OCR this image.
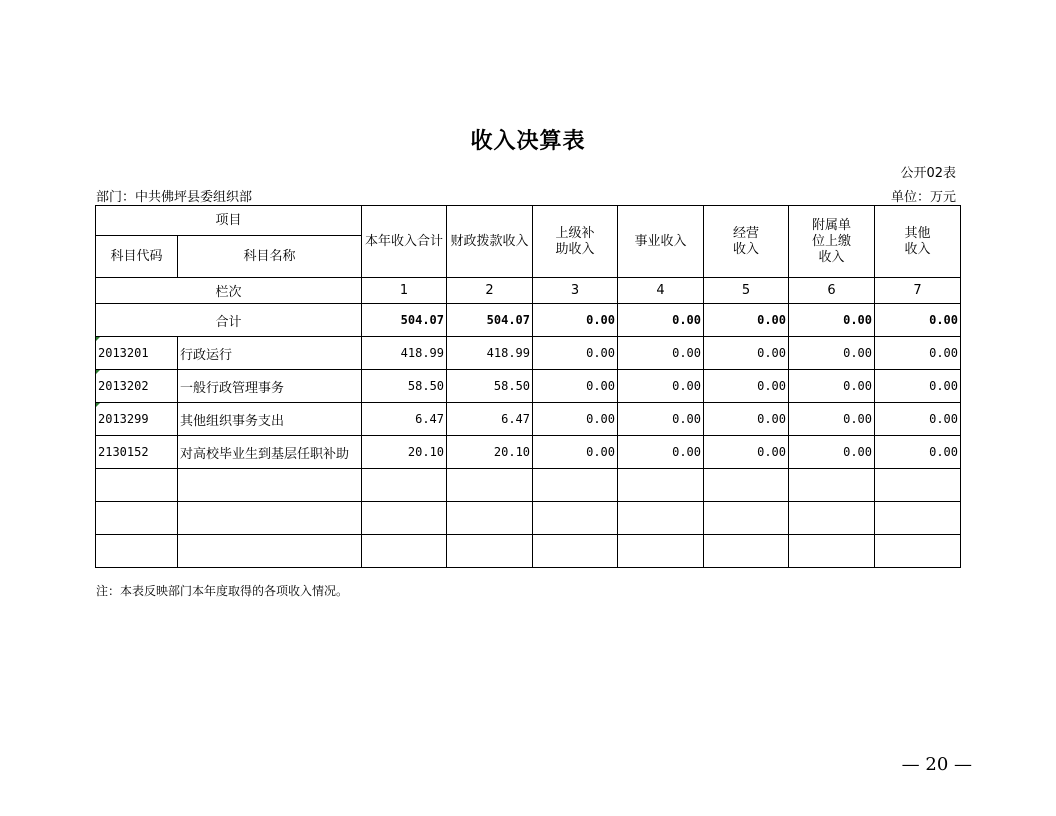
收入决算表
公开02表
部门：中共佛坪县委组织部	单位：万元
项目		本年收入合计	财政拨款收入	上级补助收入	事业收入	经营收入	附属单位上缴收入	其他收入
科目代码	科目名称							
栏次		1	2	3	4	5	6	7
合计		504.07	504.07	0.00	0.00	0.00	0.00	0.00

2013201	行政运行	418.99	418.99	0.00	0.00	0.00	0.00	0.00

2013202	一般行政管理事务	58.50	58.50	0.00	0.00	0.00	0.00	0.00

2013299	其他组织事务支出	6.47	6.47	0.00	0.00	0.00	0.00	0.00
2130152	对高校毕业生到基层任职补助	20.10	20.10	0.00	0.00	0.00	0.00	0.00

注：本表反映部门本年度取得的各项收入情况。
— 20 —
